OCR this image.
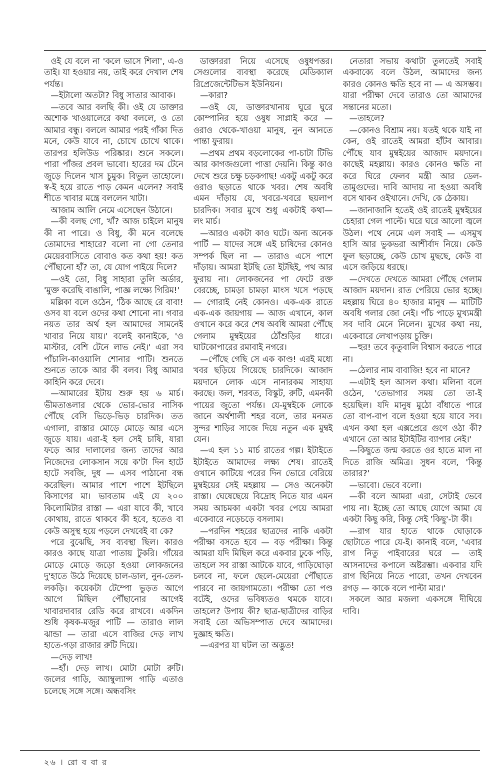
ওই যে বলে না 'কলে ভাসে শিলা', এ-ও তাই। যা হওয়ার নয়, তাই করে দেখাল শেষ পর্যন্ত।

—ইটালো অতটা? বিধু সাতার আবাক।

—তবে আর বলছি কী। ওই যে ডাক্তার অশোক খাওয়ালেরে কথা বললে, ও তো আমার বন্ধু। বললে আমার পরই গাঁকা দিত মনে, কেউ যাবে না, চোখে চোখে থাকে। তারপর হলিউড পরিষ্কার। শুনে সকলে। পারা পাঁজর প্রবল ভাবো। হারের দম টেনে জুড়ে দিলেন খাস চুমুক। বিভুল তাহোলে। স্ব-ই হয়ে রাতে পাড় কেমন এলেন? সবাই শীতে খাবার মন্ত্রে বললেন খাটা।

আজাম আলি নেমে এসেছেন উঠানে।

—কী বলছ গো, খাঁ? আজ চাইলে মানুষ কী না পারে। ও বিধু, কী মনে বলেছে তোমাদের শাহারে? বলো না গো তেনার মেয়েরবাসিতে বোবাও কত কথা হয়! কত পৌঁছানো হাঁ? তা, যে যোগ পাইয়ে দিলে?

—ওই তো, বিধু সাহারা তুলি অর্ডার, 'মুক্ত করেছি বাঙালি, পাজ্ঞ লক্ষ্যে গিরিম!'

মল্লিকা বলে ওঠেন, 'ঠিক আছে রে বাবা! ওসব যা বলে ওদের কথা শোনো না। গবার নয়ত তার অর্থ হল আমাদের সামনেই খাবার নিয়ে যায়।' বলেই কানাইকে, 'ও মাস্টার, বেশি টেনে লাভ নেই।' এরা সব পাঁচালি-কাওয়ালি শোনার পাটি। শুনতে শুনতে তাকে আর কী বলব। বিধু আমার কাহিনি করে দেবে।

—আমারের ইটায় শুরু হয় ৬ মার্চ। ভীমতাঙলার থেকে ভোর-ভোর নাসিক পৌঁছে বেসি ভিড়ে-ভিড় চারদিক। তত এগালা, রাস্তার মোড়ে মোড়ে আর এসে জুড়ে যায়। এরা-ই হল সেই চাষি, যারা ফড়ে আর দালালের জন্য তাদের আর নিজেদের লোকসান সয়ে ক'টা দিন হাটে হাটে সবজি, দুধ — এসব পাঠানো বন্ধ করেছিল। আমার পাশে পাশে ইটছিলে কিসাণের মা। ভাবতাম এই যে ২০০ কিলোমিটার রাস্তা — এরা যাবে কী, খাবে কোথায়, রাতে থাকবে কী হবে, হতেও বা কেউ অসুস্থ হয়ে পড়লে দেখবেই বা কে?

পরে বুঝেছি, সব ব্যবস্থা ছিল। কারও কারও কাছে যাত্রা পাতায় টুকরি। গাঁয়ের মোড়ে মোড়ে জড়ো হওয়া লোকজনের দু'হাতে উঠে দিয়েছে চাল-ডাল, নুন-তেল-লকড়ি। কয়েকটা টেম্পো ভুড়ত আগে আগে মিছিল পৌঁছানোর আগেই খাবারদাবার রেডি করে রাখবে। একদিন শুধি কৃষক-মজুর পাটি — তারাও লাল ঝান্ডা — তারা এসে বাজির দেড় লাখ হাতে-গড়া রাজার রুটি দিয়ে।

—দেড় লাখ!

—হাঁ। দেড় লাখ। মোটা মোটা রুটি। জলের গাড়ি, অ্যাম্বুল্যান্স গাড়ি এতাও চলেছে সঙ্গে সঙ্গে। অন্ধবসিং

ডাক্তাররা নিয়ে এসেছে ওষুধপত্তর। সেগুলোর ব্যবস্থা করেছে মেডিক্যাল রিপ্রেজেন্টেটিভস ইউনিয়ন।

—কারা?

—ওই যে, ডাক্তারখানায় ঘুরে ঘুরে কোম্পানির হয়ে ওষুধ সাপ্লাই করে — ওরাও থেকে-খাওয়া মানুষ, নুন আনতে পান্তা ফুরায়।

—প্রথম প্রথম বড়লোকের পা-চাটা টিভি আর কাগজগুলো পাত্তা দেয়নি। কিন্তু কাও দেখে শুরে চক্ষু চড়কগাছ! একটু একটু করে ওরাও ছড়াতে থাকে খবর। শেষ অবধি এমন দাঁড়ায় যে, খবরে-খবরে ছয়লাপ চারদিক। সবার মুখে শুধু একটাই কথা— লং মার্চ।

—আরও একটা কাও ঘটে। অন্য অনেক পার্টি — যাদের সঙ্গে এই চাষিদের কোনও সম্পর্ক ছিল না — তারাও এসে পাশে দাঁড়ায়। আমরা ইটছি তো ইটছিই, পথ আর ফুরায় না। লোকজনের পা ফেটে রক্ত বেরচ্ছে, চামড়া চামড়া মাংস খসে পড়ছে — গোরাই নেই কোনও। এক-এক রাতে এক-এক জায়গায় — আজ এখানে, কাল ওখানে করে করে শেষ অবধি আমরা পৌঁছে গেলাম মুম্বইয়ের ঠোঁশুড়ির ধারে। ঘাটকোপারের রমাবাই নগরে।

—পৌঁছে গেছি সে এক কাণ্ড! এরই মধ্যে খবর ছড়িয়ে গিয়েছে চারদিকে। আজাদ ময়দানে লোক এসে নানারকম সাহায্য করছে। জল, শরবত, বিস্কুট, রুটি, এমনকী পায়ের জুতো পর্যন্ত। যে-মুম্বইকে লোকে জানে অর্থশালী শহর বলে, তার মনমত সুন্দর শাড়ির সাজে দিয়ে নতুন এক মুম্বই যেন।

—এ হল ১১ মার্চ রাতের গল্প। ইটাইতে ইটাইতে আমাদের লক্ষ্য শেষ। রাতেই ওখানে কাটিয়ে পরের দিন ভোরে বেরিয়ে মুম্বইয়ের সেই মহল্লায় — সেও অনেকটা রাস্তা। ঘেষেছেয়ে বিদ্রোহ নিতে যার এমন সময় আচমকা একটা খবর পেয়ে আমরা একেবারে নড়েচড়ে বসলাম।

—পরদিন শহরের ছাত্রদের নাকি একটা পরীক্ষা বসতে হবে — বড় পরীক্ষা। কিন্তু আমরা যদি মিছিল করে একবার ঢুকে পড়ি, তাহলে সব রাস্তা আটকে যাবে, গাড়িঘোড়া চলবে না, ফলে ছেলে-মেয়েরা পৌঁছাতে পারবে না জায়গামতো। পরীক্ষা তো পণ্ড বটেই, ওদের ভবিষ্যতও থমকে যাবে। তাহলে? উপায় কী? ছাত্র-ছাত্রীদের বাড়ির সবাই তো অভিসম্পাত দেবে আমাদের। দুজ্ঞাহ ক্ষতি।

—এরপর যা ঘটল তা অদ্ভুত!

নেতারা সভায় কথাটা তুলতেই সবাই একবাক্যে বলে উঠল, আমাদের জন্য কারও কোনও ক্ষতি হবে না — এ অসম্ভব। যারা পরীক্ষা দেবে তারাও তো আমাদের সন্তানের মতো।

—তাহলে?

—কোনও বিশ্রাম নয়। যতই থকে যাই না কেন, ওই রাতেই আমরা হাঁটব আবার। পৌঁছে যাব মুম্বইয়ের আজাদ ময়দানে। কাছেই মহল্লায়। কারও কোনও ক্ষতি না করে ঘিরে ফেলব মন্ত্রী আর ডেল-তামুগুদের। দাবি আদায় না হওয়া অবধি বসে থাকব ওইখানে। দেখি, কে ঠেকায়।

—জানাজানি হতেই ওই রাতেই মুম্বইয়ের চেহারা গেল পাল্টে। ঘরে ঘরে আলো জ্বলে উঠল। পথে নেমে এল সবাই — এসমুখ হাসি আর ভুকভরা আশীর্বাদ নিয়ে। কেউ ফুল ছড়াচ্ছে, কেউ চোখ মুছছে, কেউ বা এসে জড়িয়ে ধরছে।

—দেখতে দেখতে আমরা পৌঁছে গেলাম আজাদ ময়দান। রাত পেরিয়ে ভোর হচ্ছে। মহল্লায় ঘিরে ৪০ হাজার মানুষ — মাটিটি অবধি গলার জো নেই। পাঁচ পাড়ে মুখ্যমন্ত্রী সব দাবি মেনে নিলেন। মুখের কথা নয়, একেবারে লেখাপড়ায় চুক্তি।

—হুর! তবে কৃতুবালি বিশ্বাস করতে পারে না।

—ঠেলার নাম বাবাজি! হবে না মানে?

—এটাই হল আসল কথা। মলিনা বলে ওঠেন, 'তেভাগার সময় তো তা-ই হয়েছিল। যদি মানুষ মুঠো বাঁধাতে পারে তো বাপ-বাপ বলে হওয়া হয়ে যাবে সব। এখন কথা হল এক্সপ্রেরে গুণে ওঠা কী? এখানে তো আর ইটাইটির ব্যাপার নেই।'

—কিছুতে জন্ম করতে ওর হাতে মাল না দিতে রাজি অমিত্র। সুধন বলে, 'কিন্তু তারার?'

—ভাবো। ভেবে বলো।

—কী বলে আমরা এরা, সেটাই ভেবে পায় না। ইচ্ছে তো আছে যোগে আমা যে একটা কিছু করি, কিন্তু সেই 'কিছু'-টা কী।

—রাগ যার হাতে থাকে ঘোড়াকে ছোটাতে পারে যে-ই। কানাই বলে, 'এবার রাগ নিতু পাইবারের ঘরে — তাই আসনাদের কপালে অষ্টরম্ভা। একবার যদি রাগ ছিনিয়ে নিতে পারো, তখন দেখবেন রগড় — কাকে বলে পাল্টা মার।'

সকলে আর মজলা একসঙ্গে দীঘিয়ে দাবি।

২৬ । রো ব বা র
